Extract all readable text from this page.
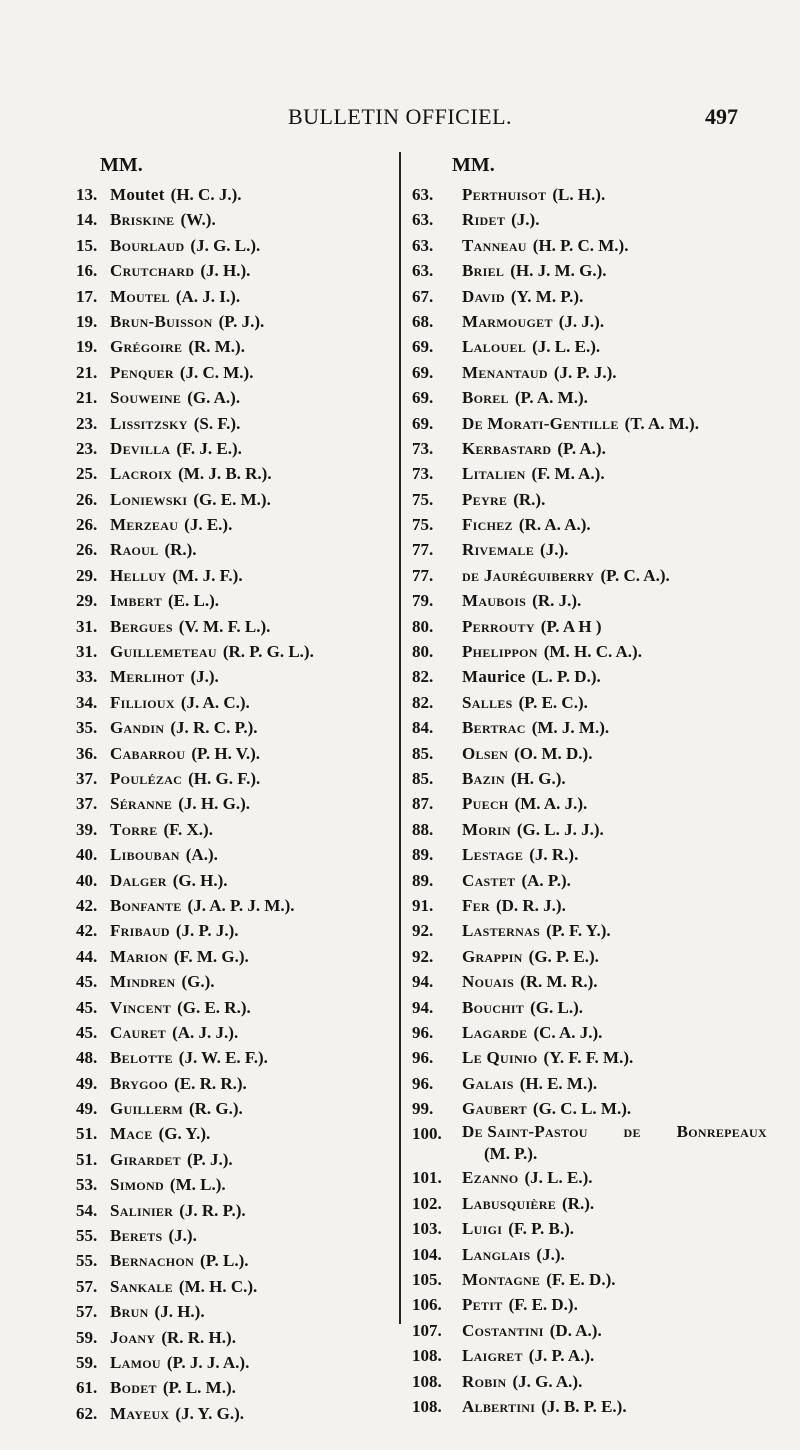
BULLETIN OFFICIEL.	497
MM.
13. Moutet (H. C. J.).
14. Briskine (W.).
15. Bourlaud (J. G. L.).
16. Crutchard (J. H.).
17. Moutel (A. J. I.).
19. Brun-Buisson (P. J.).
19. Grégoire (R. M.).
21. Penquer (J. C. M.).
21. Souweine (G. A.).
23. Lissitzsky (S. F.).
23. Devilla (F. J. E.).
25. Lacroix (M. J. B. R.).
26. Loniewski (G. E. M.).
26. Merzeau (J. E.).
26. Raoul (R.).
29. Helluy (M. J. F.).
29. Imbert (E. L.).
31. Bergues (V. M. F. L.).
31. Guillemeteau (R. P. G. L.).
33. Merlihot (J.).
34. Fillioux (J. A. C.).
35. Gandin (J. R. C. P.).
36. Cabarrou (P. H. V.).
37. Poulézac (H. G. F.).
37. Séranne (J. H. G.).
39. Torre (F. X.).
40. Libouban (A.).
40. Dalger (G. H.).
42. Bonfante (J. A. P. J. M.).
42. Fribaud (J. P. J.).
44. Marion (F. M. G.).
45. Mindren (G.).
45. Vincent (G. E. R.).
45. Cauret (A. J. J.).
48. Belotte (J. W. E. F.).
49. Brygoo (E. R. R.).
49. Guillerm (R. G.).
51. Mace (G. Y.).
51. Girardet (P. J.).
53. Simond (M. L.).
54. Salinier (J. R. P.).
55. Berets (J.).
55. Bernachon (P. L.).
57. Sankale (M. H. C.).
57. Brun (J. H.).
59. Joany (R. R. H.).
59. Lamou (P. J. J. A.).
61. Bodet (P. L. M.).
62. Mayeux (J. Y. G.).
MM.
63.	Perthuisot (L. H.).
63.	Ridet (J.).
63.	Tanneau (H. P. C. M.).
63.	Briel (H. J. M. G.).
67.	David (Y. M. P.).
68.	Marmouget (J. J.).
69.	Lalouel (J. L. E.).
69.	Menantaud (J. P. J.).
69.	Borel (P. A. M.).
69.	De Morati-Gentille (T. A. M.).
73.	Kerbastard (P. A.).
73.	Litalien (F. M. A.).
75.	Peyre (R.).
75.	Fichez (R. A. A.).
77.	Rivemale (J.).
77.	de Jauréguiberry (P. C. A.).
79.	Maubois (R. J.).
80.	Perrouty (P. A H )
80.	Phelippon (M. H. C. A.).
82.	Maurice (L. P. D.).
82.	Salles (P. E. C.).
84.	Bertrac (M. J. M.).
85.	Olsen (O. M. D.).
85.	Bazin (H. G.).
87.	Puech (M. A. J.).
88.	Morin (G. L. J. J.).
89.	Lestage (J. R.).
89.	Castet (A. P.).
91.	Fer (D. R. J.).
92.	Lasternas (P. F. Y.).
92.	Grappin (G. P. E.).
94.	Nouais (R. M. R.).
94.	Bouchit (G. L.).
96.	Lagarde (C. A. J.).
96.	Le Quinio (Y. F. F. M.).
96.	Galais (H. E. M.).
99.	Gaubert (G. C. L. M.).
100.	De Saint-Pastou de Bonrepeaux
(M. P.).
101.	Ezanno (J. L. E.).
102.	Labusquière (R.).
103.	Luigi (F. P. B.).
104.	Langlais (J.).
105.	Montagne (F. E. D.).
106.	Petit (F. E. D.).
107.	Costantini (D. A.).
108.	Laigret (J. P. A.).
108.	Robin (J. G. A.).
108.	Albertini (J. B. P. E.).
